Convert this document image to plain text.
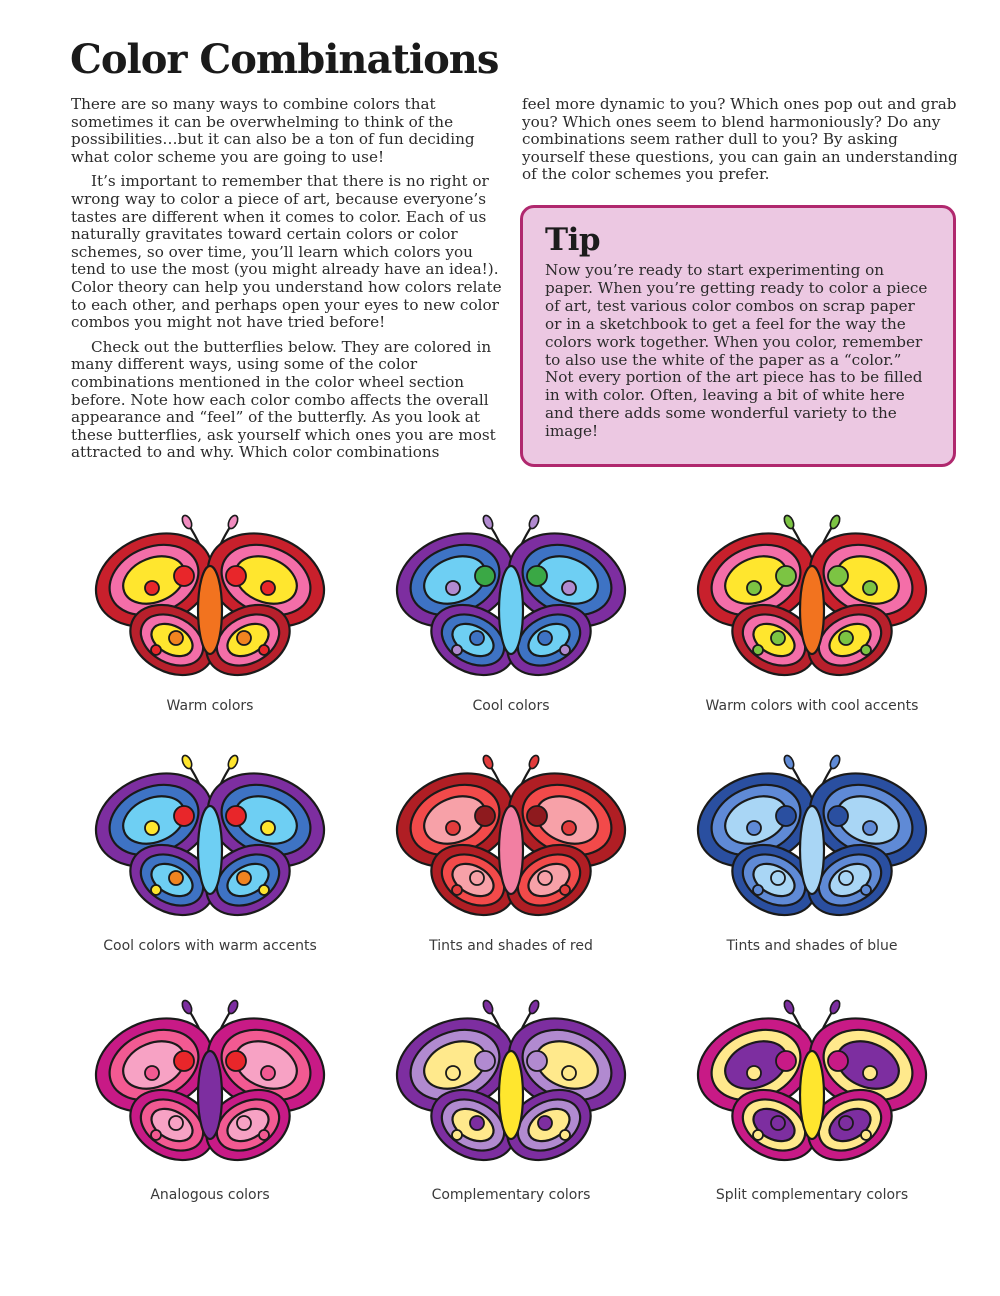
Color Combinations

There are so many ways to combine colors that sometimes it can be overwhelming to think of the possibilities…but it can also be a ton of fun deciding what color scheme you are going to use!

It’s important to remember that there is no right or wrong way to color a piece of art, because everyone’s tastes are different when it comes to color. Each of us naturally gravitates toward certain colors or color schemes, so over time, you’ll learn which colors you tend to use the most (you might already have an idea!). Color theory can help you understand how colors relate to each other, and perhaps open your eyes to new color combos you might not have tried before!

Check out the butterflies below. They are colored in many different ways, using some of the color combinations mentioned in the color wheel section before. Note how each color combo affects the overall appearance and “feel” of the butterfly. As you look at these butterflies, ask yourself which ones you are most attracted to and why. Which color combinations

feel more dynamic to you? Which ones pop out and grab you? Which ones seem to blend harmoniously? Do any combinations seem rather dull to you? By asking yourself these questions, you can gain an understanding of the color schemes you prefer.

Tip

Now you’re ready to start experimenting on paper. When you’re getting ready to color a piece of art, test various color combos on scrap paper or in a sketchbook to get a feel for the way the colors work together. When you color, remember to also use the white of the paper as a “color.” Not every portion of the art piece has to be filled in with color. Often, leaving a bit of white here and there adds some wonderful variety to the image!

Warm colors	Cool colors	Warm colors with cool accents
Cool colors with warm accents	Tints and shades of red	Tints and shades of blue
Analogous colors	Complementary colors	Split complementary colors
